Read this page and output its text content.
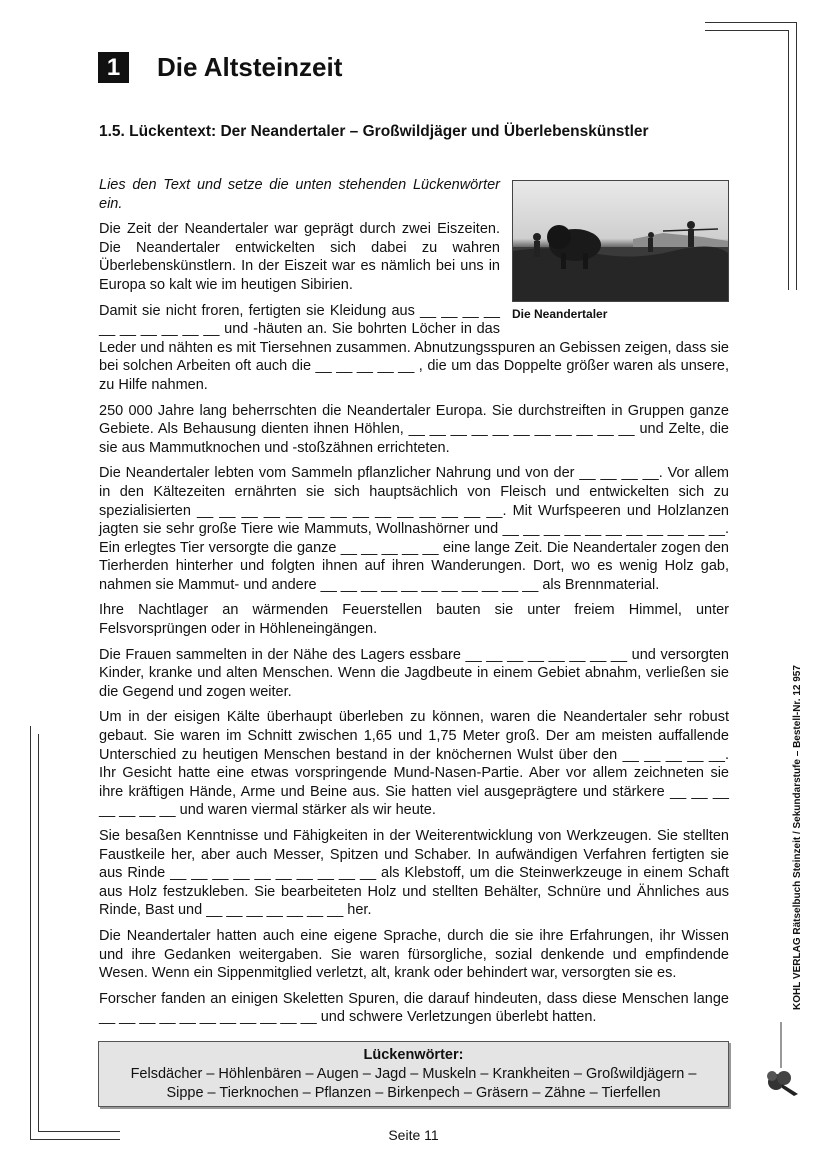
1	Die Altsteinzeit
1.5. Lückentext: Der Neandertaler – Großwildjäger und Überlebenskünstler
Die Neandertaler

Lies den Text und setze die unten stehenden Lückenwörter ein.

Die Zeit der Neandertaler war geprägt durch zwei Eiszeiten. Die Neandertaler entwickelten sich dabei zu wahren Überlebenskünstlern. In der Eiszeit war es nämlich bei uns in Europa so kalt wie im heutigen Sibirien.

Damit sie nicht froren, fertigten sie Kleidung aus __ __ __ __ __ __ __ __ __ __ und -häuten an. Sie bohrten Löcher in das Leder und nähten es mit Tiersehnen zusammen. Abnutzungsspuren an Gebissen zeigen, dass sie bei solchen Arbeiten oft auch die __ __ __ __ __ , die um das Doppelte größer waren als unsere, zu Hilfe nahmen.

250 000 Jahre lang beherrschten die Neandertaler Europa. Sie durchstreiften in Gruppen ganze Gebiete. Als Behausung dienten ihnen Höhlen, __ __ __ __ __ __ __ __ __ __ __ und Zelte, die sie aus Mammutknochen und -stoßzähnen errichteten.

Die Neandertaler lebten vom Sammeln pflanzlicher Nahrung und von der __ __ __ __. Vor allem in den Kältezeiten ernährten sie sich hauptsächlich von Fleisch und entwickelten sich zu spezialisierten __ __ __ __ __ __ __ __ __ __ __ __ __ __. Mit Wurfspeeren und Holzlanzen jagten sie sehr große Tiere wie Mammuts, Wollnashörner und __ __ __ __ __ __ __ __ __ __ __. Ein erlegtes Tier versorgte die ganze __ __ __ __ __ eine lange Zeit. Die Neandertaler zogen den Tierherden hinterher und folgten ihnen auf ihren Wanderungen. Dort, wo es wenig Holz gab, nahmen sie Mammut- und andere __ __ __ __ __ __ __ __ __ __ __ als Brennmaterial.

Ihre Nachtlager an wärmenden Feuerstellen bauten sie unter freiem Himmel, unter Felsvorsprüngen oder in Höhleneingängen.

Die Frauen sammelten in der Nähe des Lagers essbare __ __ __ __ __ __ __ __ und versorgten Kinder, kranke und alten Menschen. Wenn die Jagdbeute in einem Gebiet abnahm, verließen sie die Gegend und zogen weiter.

Um in der eisigen Kälte überhaupt überleben zu können, waren die Neandertaler sehr robust gebaut. Sie waren im Schnitt zwischen 1,65 und 1,75 Meter groß. Der am meisten auffallende Unterschied zu heutigen Menschen bestand in der knöchernen Wulst über den __ __ __ __ __. Ihr Gesicht hatte eine etwas vorspringende Mund-Nasen-Partie. Aber vor allem zeichneten sie ihre kräftigen Hände, Arme und Beine aus. Sie hatten viel ausgeprägtere und stärkere __ __ __ __ __ __ __ und waren viermal stärker als wir heute.

Sie besaßen Kenntnisse und Fähigkeiten in der Weiterentwicklung von Werkzeugen. Sie stellten Faustkeile her, aber auch Messer, Spitzen und Schaber. In aufwändigen Verfahren fertigten sie aus Rinde __ __ __ __ __ __ __ __ __ __ als Klebstoff, um die Steinwerkzeuge in einem Schaft aus Holz festzukleben. Sie bearbeiteten Holz und stellten Behälter, Schnüre und Ähnliches aus Rinde, Bast und __ __ __ __ __ __ __ her.

Die Neandertaler hatten auch eine eigene Sprache, durch die sie ihre Erfahrungen, ihr Wissen und ihre Gedanken weitergaben. Sie waren fürsorgliche, sozial denkende und empfindende Wesen. Wenn ein Sippenmitglied verletzt, alt, krank oder behindert war, versorgten sie es.

Forscher fanden an einigen Skeletten Spuren, die darauf hindeuten, dass diese Menschen lange __ __ __ __ __ __ __ __ __ __ __ und schwere Verletzungen überlebt hatten.

Lückenwörter:
Felsdächer – Höhlenbären – Augen – Jagd – Muskeln – Krankheiten – Großwildjägern –
Sippe – Tierknochen – Pflanzen – Birkenpech – Gräsern – Zähne – Tierfellen
KOHL VERLAG Rätselbuch Steinzeit / Sekundarstufe – Bestell-Nr. 12 957
Seite 11
